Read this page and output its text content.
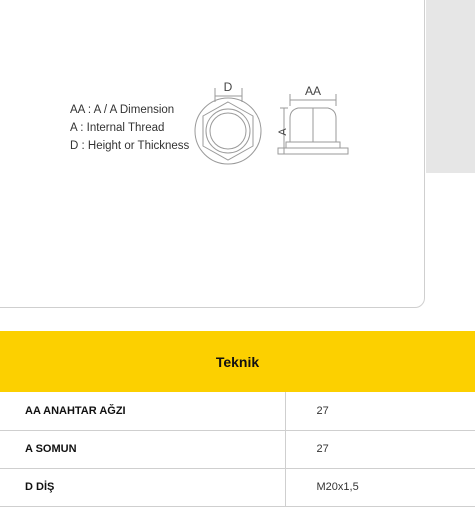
AA : A / A Dimension
A : Internal Thread
D : Height or Thickness
D	AA
A
Teknik
AA ANAHTAR AĞZI	27
A SOMUN	27
D DİŞ	M20x1,5
